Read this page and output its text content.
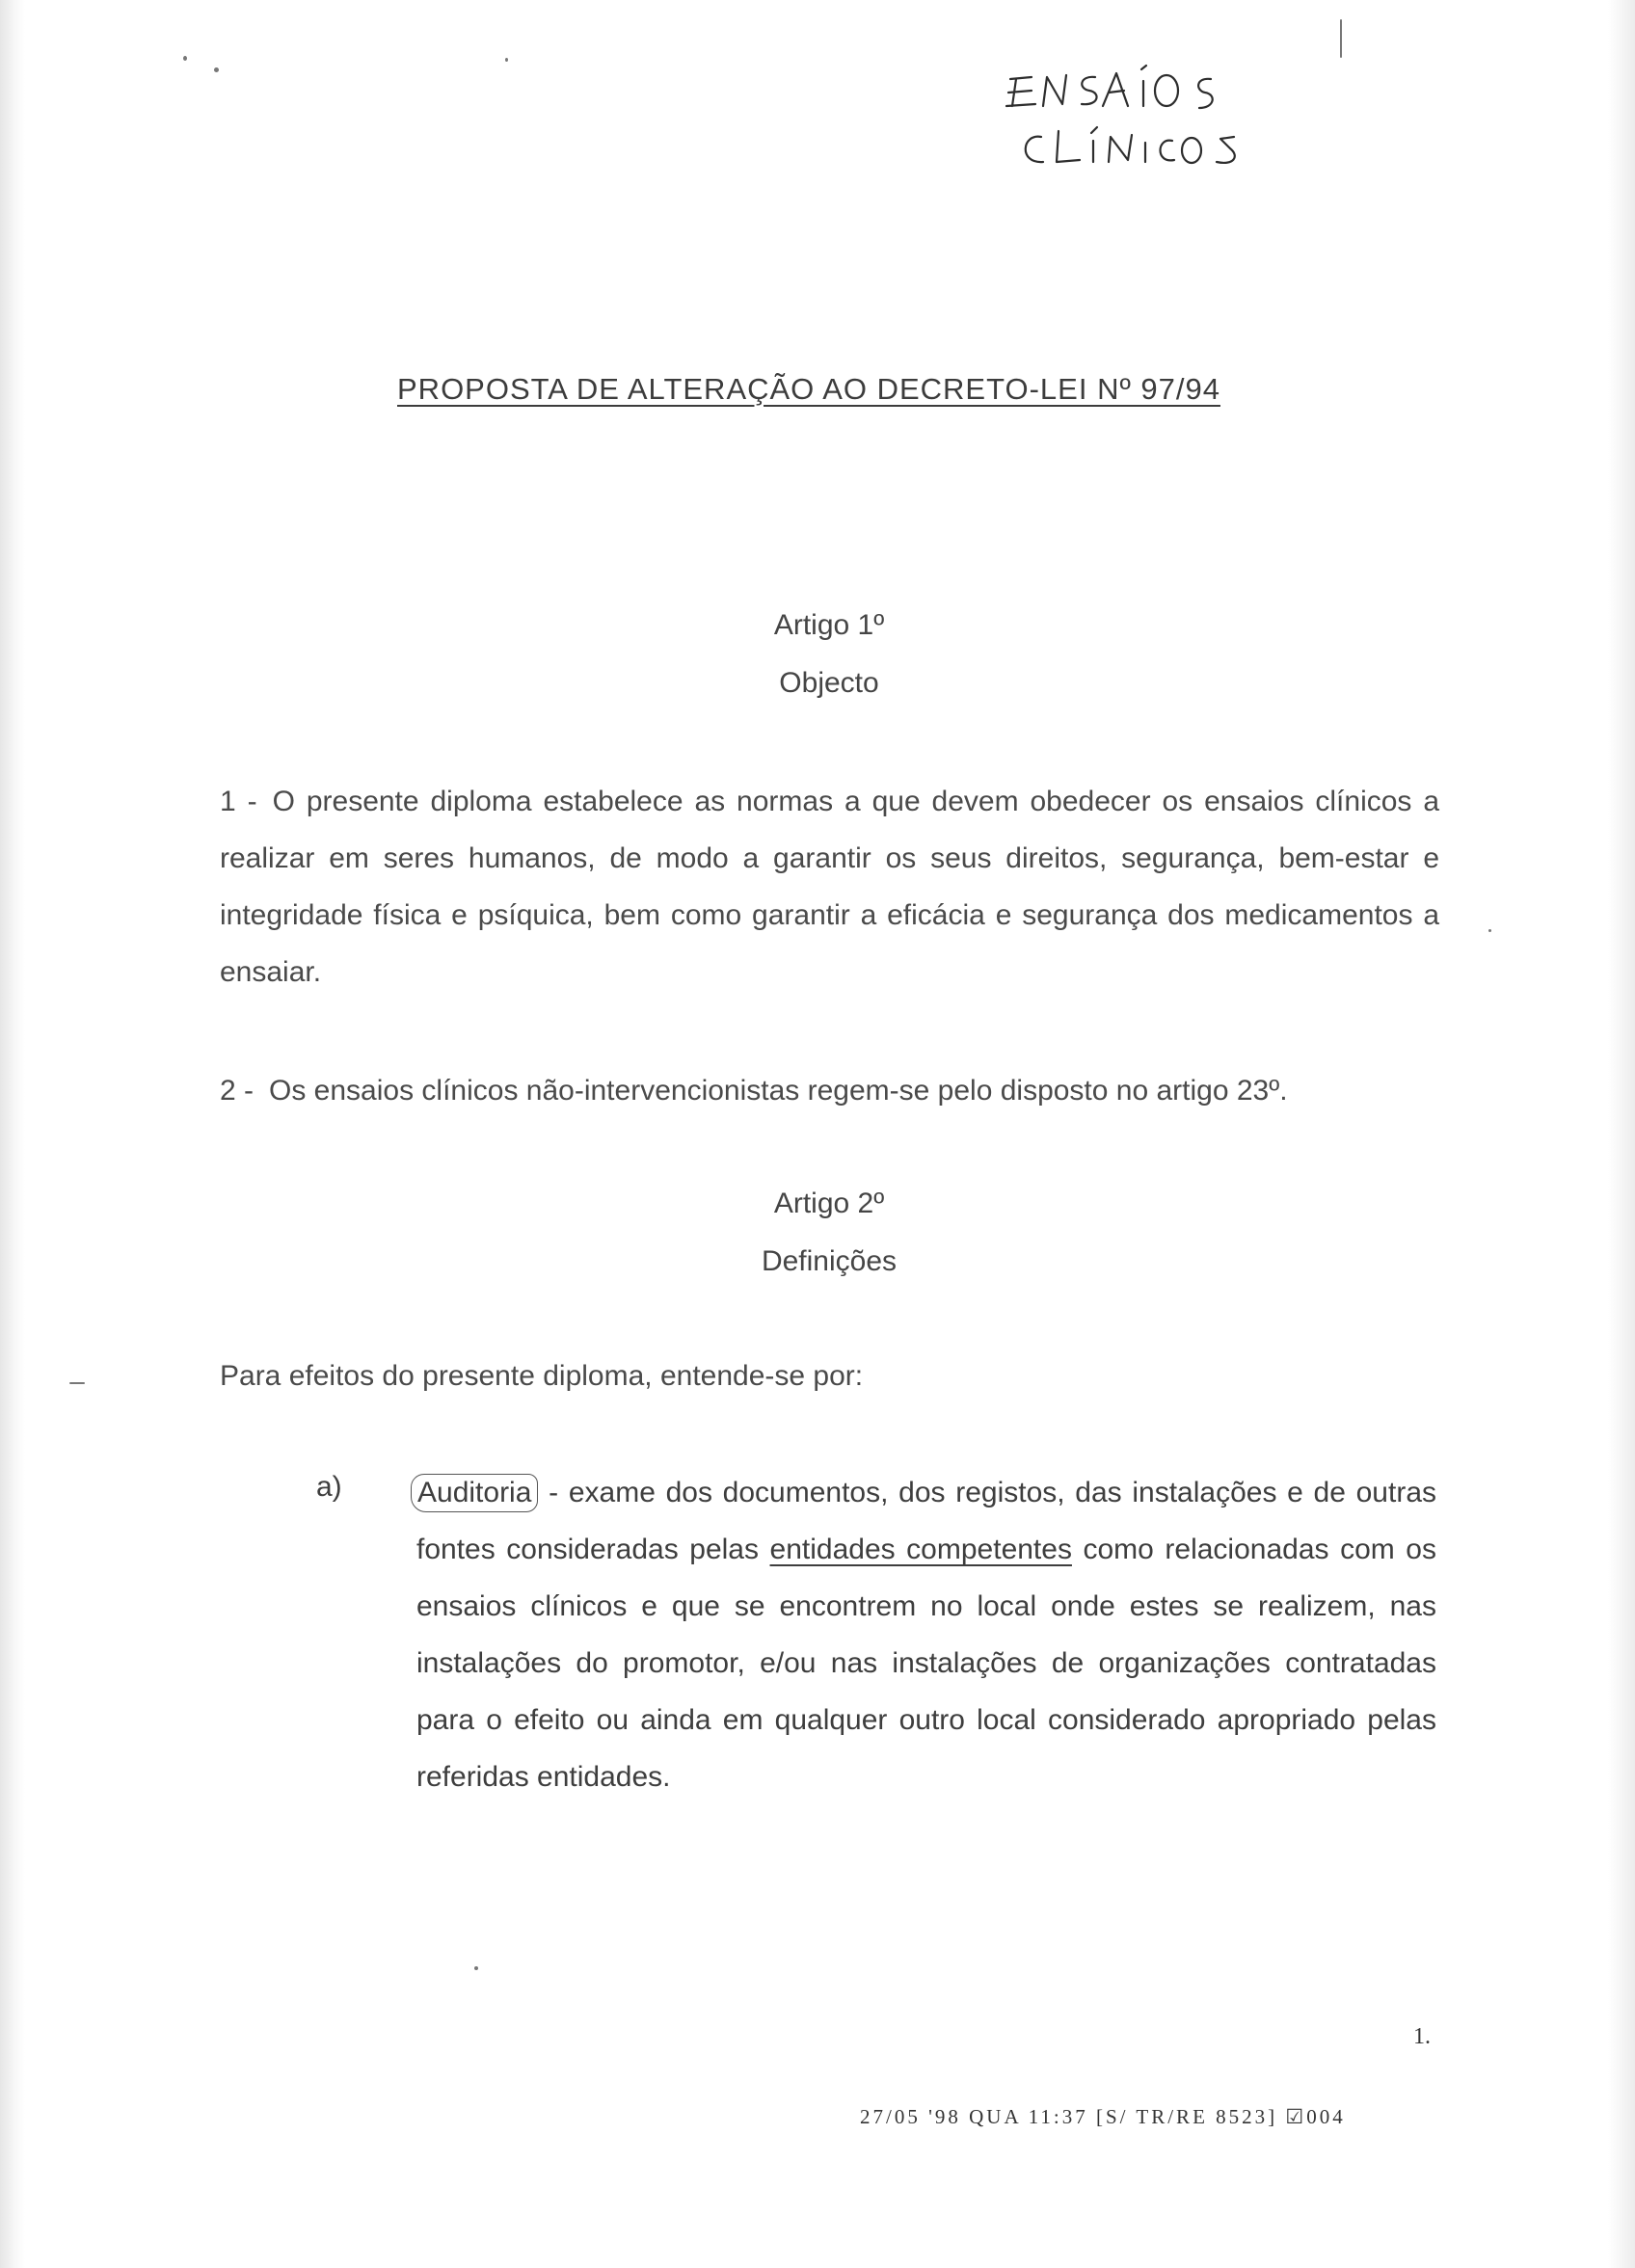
PROPOSTA DE ALTERAÇÃO AO DECRETO-LEI Nº 97/94
Artigo 1º
Objecto

1 - O presente diploma estabelece as normas a que devem obedecer os ensaios clínicos a realizar em seres humanos, de modo a garantir os seus direitos, segurança, bem-estar e integridade física e psíquica, bem como garantir a eficácia e segurança dos medicamentos a ensaiar.

2 - Os ensaios clínicos não-intervencionistas regem-se pelo disposto no artigo 23º.

Artigo 2º
Definições

Para efeitos do presente diploma, entende-se por:

a)	Auditoria - exame dos documentos, dos registos, das instalações e de outras fontes consideradas pelas entidades competentes como relacionadas com os ensaios clínicos e que se encontrem no local onde estes se realizem, nas instalações do promotor, e/ou nas instalações de organizações contratadas para o efeito ou ainda em qualquer outro local considerado apropriado pelas referidas entidades.
1.
27/05 '98 QUA 11:37 [S/ TR/RE 8523] ☑004
